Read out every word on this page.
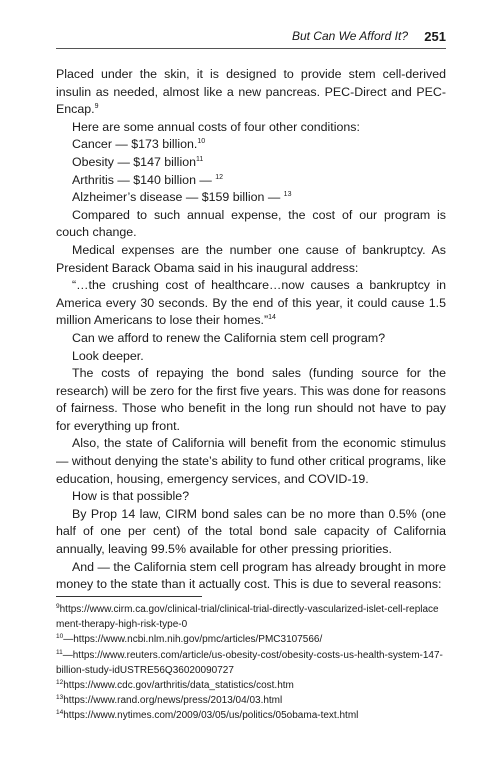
But Can We Afford It? 251

Placed under the skin, it is designed to provide stem cell-derived insulin as needed, almost like a new pancreas. PEC-Direct and PEC-Encap.$^9$

Here are some annual costs of four other conditions:

Cancer — $173 billion.$^{10}$

Obesity — $147 billion$^{11}$

Arthritis — $140 billion — $^{12}$

Alzheimer’s disease — $159 billion — $^{13}$

Compared to such annual expense, the cost of our program is couch change.

Medical expenses are the number one cause of bankruptcy. As President Barack Obama said in his inaugural address:

“…the crushing cost of healthcare…now causes a bankruptcy in America every 30 seconds. By the end of this year, it could cause 1.5 million Americans to lose their homes.”$^{14}$

Can we afford to renew the California stem cell program?

Look deeper.

The costs of repaying the bond sales (funding source for the research) will be zero for the first five years. This was done for reasons of fairness. Those who benefit in the long run should not have to pay for everything up front.

Also, the state of California will benefit from the economic stimulus — without denying the state’s ability to fund other critical programs, like education, housing, emergency services, and COVID-19.

How is that possible?

By Prop 14 law, CIRM bond sales can be no more than 0.5% (one half of one per cent) of the total bond sale capacity of California annually, leaving 99.5% available for other pressing priorities.

And — the California stem cell program has already brought in more money to the state than it actually cost. This is due to several reasons:

$^9$https://www.cirm.ca.gov/clinical-trial/clinical-trial-directly-vascularized-islet-cell-replacement-therapy-high-risk-type-0

$^{10}$—https://www.ncbi.nlm.nih.gov/pmc/articles/PMC3107566/

$^{11}$—https://www.reuters.com/article/us-obesity-cost/obesity-costs-us-health-system-147-billion-study-idUSTRE56Q36020090727

$^{12}$https://www.cdc.gov/arthritis/data_statistics/cost.htm

$^{13}$https://www.rand.org/news/press/2013/04/03.html

$^{14}$https://www.nytimes.com/2009/03/05/us/politics/05obama-text.html
